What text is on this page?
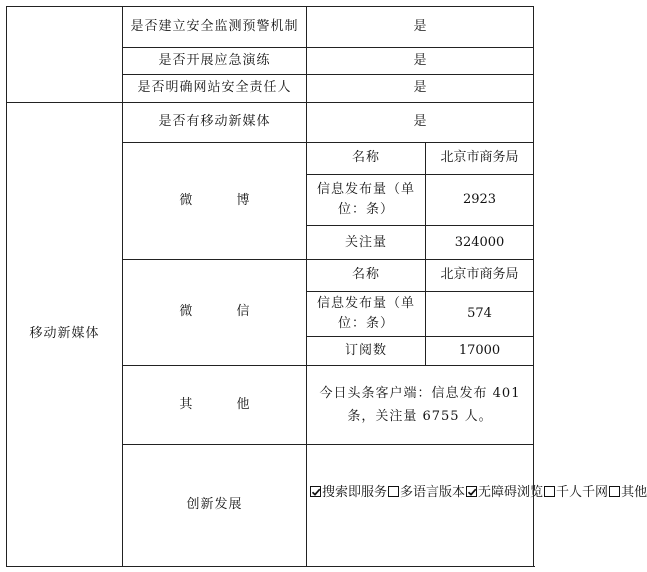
	是否建立安全监测预警机制	是	
	是否开展应急演练	是	
	是否明确网站安全责任人	是	
移动新媒体	是否有移动新媒体	是	
	微 博	名称	北京市商务局
		信息发布量（单位：条）	2923
		关注量	324000
	微 信	名称	北京市商务局
		信息发布量（单位：条）	574
		订阅数	17000
	其 他	今日头条客户端：信息发布 401 条，关注量 6755 人。	
	创新发展	搜索即服务 多语言版本 无障碍浏览 千人千网 其他	
